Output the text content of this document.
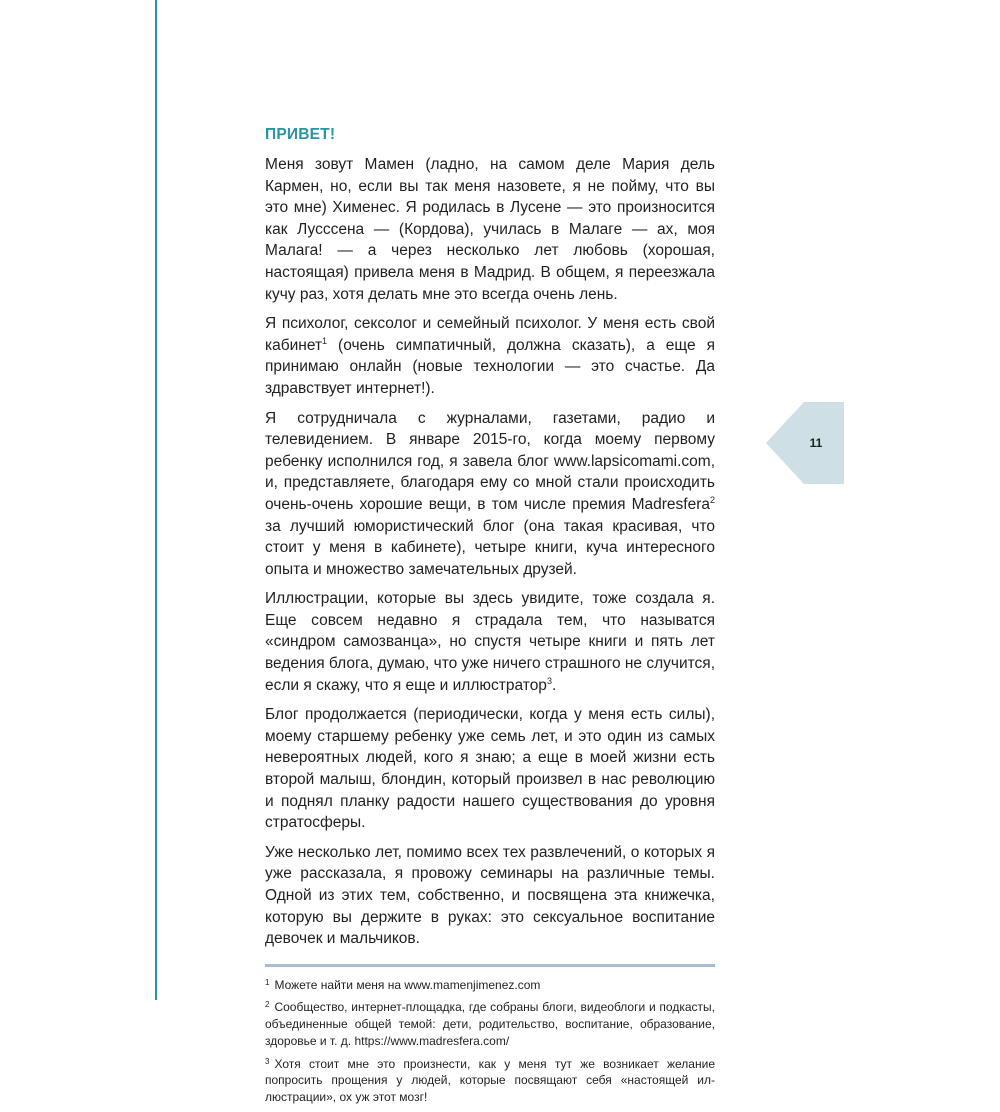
11
ПРИВЕТ!

Меня зовут Мамен (ладно, на самом деле Мария дель Кармен, но, если вы так меня назовете, я не пойму, что вы это мне) Хименес. Я родилась в Лусене — это произносится как Лусссена — (Кордова), училась в Малаге — ах, моя Малага! — а через несколько лет любовь (хорошая, настоящая) привела меня в Мадрид. В общем, я переезжала кучу раз, хотя делать мне это всегда очень лень.

Я психолог, сексолог и семейный психолог. У меня есть свой кабинет$^1$ (очень симпатичный, должна сказать), а еще я принимаю онлайн (новые технологии — это счастье. Да здравствует интернет!).

Я сотрудничала с журналами, газетами, радио и телевидением. В январе 2015-го, когда моему первому ребенку исполнился год, я завела блог www.lapsicomami.com, и, представляете, благодаря ему со мной стали происходить очень-очень хорошие вещи, в том числе премия Madresfera$^2$ за лучший юмористический блог (она такая красивая, что стоит у меня в кабинете), четыре книги, куча интересного опыта и множество замечательных друзей.

Иллюстрации, которые вы здесь увидите, тоже создала я. Еще совсем недавно я страдала тем, что называтся «синдром самозванца», но спустя четыре книги и пять лет ведения блога, думаю, что уже ничего страшного не случится, если я скажу, что я еще и иллюстратор$^3$.

Блог продолжается (периодически, когда у меня есть силы), моему старшему ребенку уже семь лет, и это один из самых невероятных людей, кого я знаю; а еще в моей жизни есть второй малыш, блондин, который произвел в нас революцию и поднял планку радости нашего существования до уровня стратосферы.

Уже несколько лет, помимо всех тех развлечений, о которых я уже рассказала, я провожу семинары на различные темы. Одной из этих тем, собственно, и посвящена эта книжечка, которую вы держите в руках: это сексуальное воспитание девочек и мальчиков.

$^1$ Можете найти меня на www.mamenjimenez.com

$^2$ Сообщество, интернет-площадка, где собраны блоги, видеоблоги и подкасты, объединенные общей темой: дети, родительство, воспитание, образование, здоровье и т. д. https://www.madresfera.com/

$^3$ Хотя стоит мне это произнести, как у меня тут же возникает желание попросить прощения у людей, которые посвящают себя «настоящей иллюстрации», ох уж этот мозг!
